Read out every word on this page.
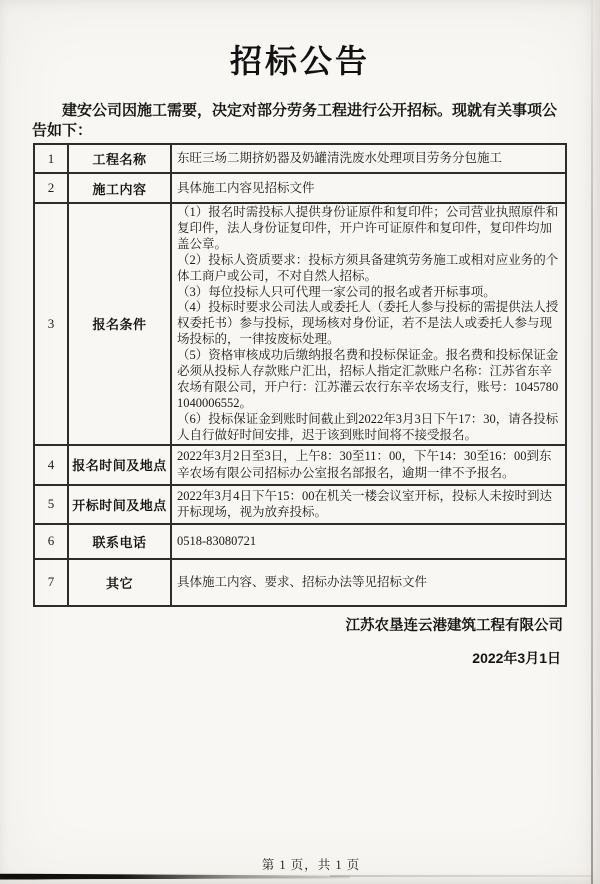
招标公告

建安公司因施工需要，决定对部分劳务工程进行公开招标。现就有关事项公告如下：

1	工程名称	东旺三场二期挤奶器及奶罐清洗废水处理项目劳务分包施工
2	施工内容	具体施工内容见招标文件
3	报名条件	

（1）报名时需投标人提供身份证原件和复印件；公司营业执照原件和复印件，法人身份证复印件，开户许可证原件和复印件，复印件均加盖公章。

（2）投标人资质要求：投标方须具备建筑劳务施工或相对应业务的个体工商户或公司，不对自然人招标。

（3）每位投标人只可代理一家公司的报名或者开标事项。

（4）投标时要求公司法人或委托人（委托人参与投标的需提供法人授权委托书）参与投标，现场核对身份证，若不是法人或委托人参与现场投标的，一律按废标处理。

（5）资格审核成功后缴纳报名费和投标保证金。报名费和投标保证金必须从投标人存款账户汇出，招标人指定汇款账户名称：江苏省东辛农场有限公司，开户行：江苏灌云农行东辛农场支行，账号：10457801040006552。

（6）投标保证金到账时间截止到2022年3月3日下午17：30，请各投标人自行做好时间安排，迟于该到账时间将不接受报名。

4	报名时间及地点	2022年3月2日至3日，上午8：30至11：00，下午14：30至16：00到东辛农场有限公司招标办公室报名部报名，逾期一律不予报名。
5	开标时间及地点	2022年3月4日下午15：00在机关一楼会议室开标，投标人未按时到达开标现场，视为放弃投标。
6	联系电话	0518-83080721
7	其它	具体施工内容、要求、招标办法等见招标文件
江苏农垦连云港建筑工程有限公司
2022年3月1日
第 1 页，共 1 页
